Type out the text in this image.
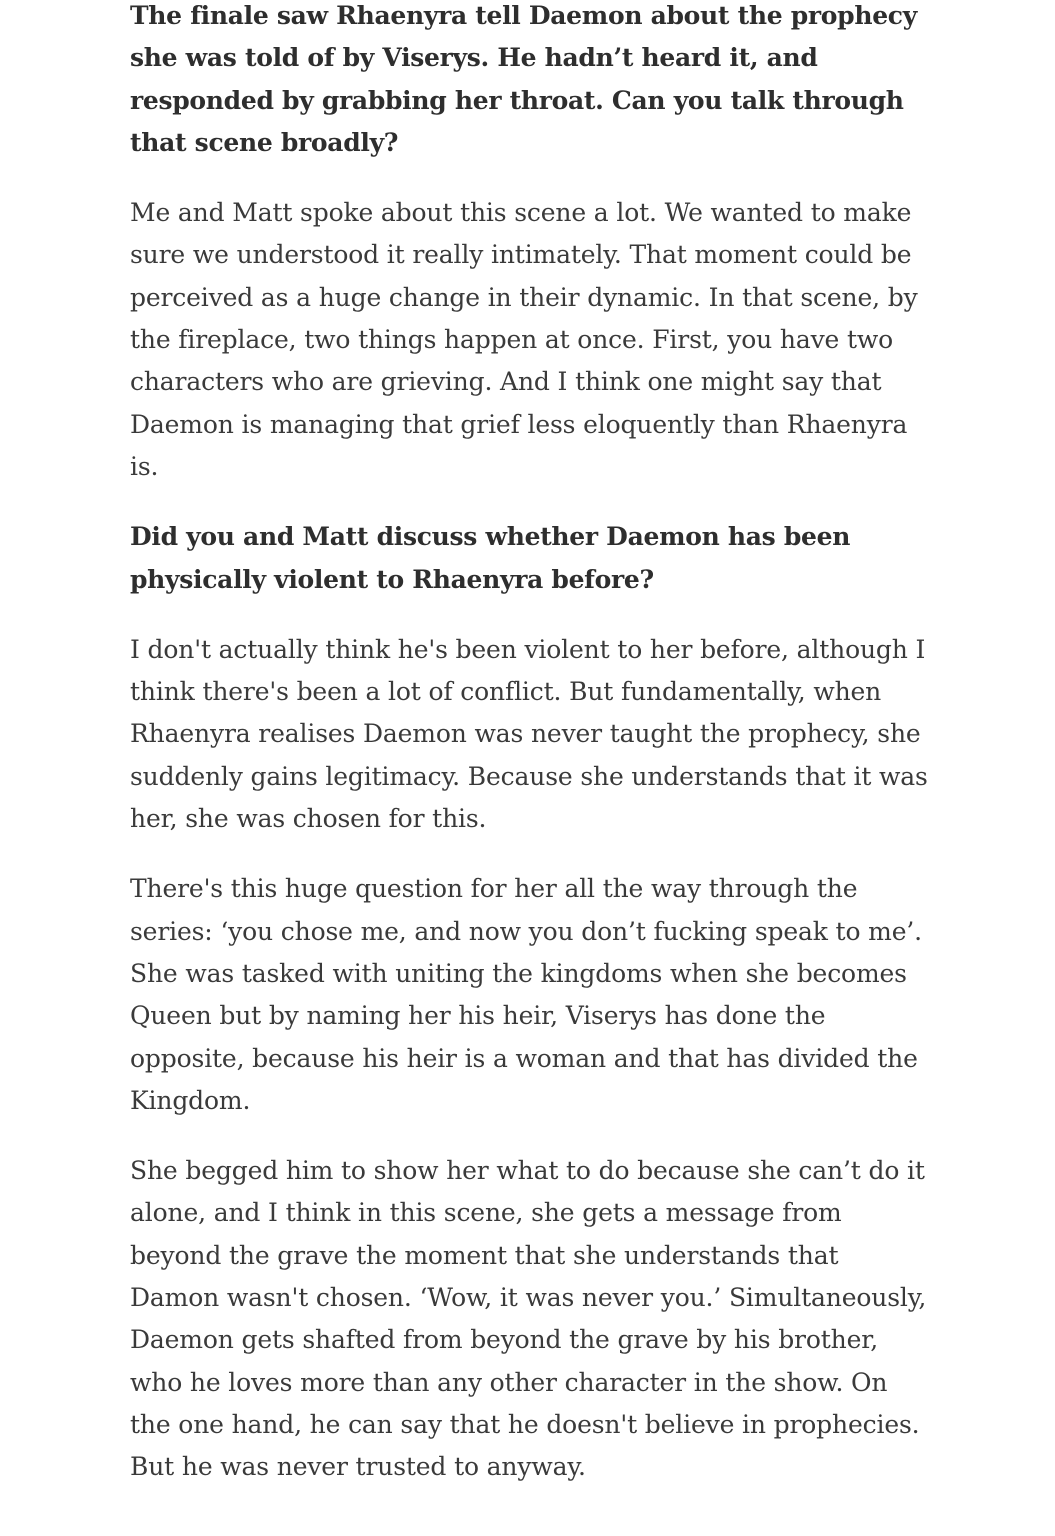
The finale saw Rhaenyra tell Daemon about the prophecy she was told of by Viserys. He hadn’t heard it, and responded by grabbing her throat. Can you talk through that scene broadly?

Me and Matt spoke about this scene a lot. We wanted to make sure we understood it really intimately. That moment could be perceived as a huge change in their dynamic. In that scene, by the fireplace, two things happen at once. First, you have two characters who are grieving. And I think one might say that Daemon is managing that grief less eloquently than Rhaenyra is.

Did you and Matt discuss whether Daemon has been physically violent to Rhaenyra before?

I don't actually think he's been violent to her before, although I think there's been a lot of conflict. But fundamentally, when Rhaenyra realises Daemon was never taught the prophecy, she suddenly gains legitimacy. Because she understands that it was her, she was chosen for this.

There's this huge question for her all the way through the series: ‘you chose me, and now you don’t fucking speak to me’. She was tasked with uniting the kingdoms when she becomes Queen but by naming her his heir, Viserys has done the opposite, because his heir is a woman and that has divided the Kingdom.

She begged him to show her what to do because she can’t do it alone, and I think in this scene, she gets a message from beyond the grave the moment that she understands that Damon wasn't chosen. ‘Wow, it was never you.’ Simultaneously, Daemon gets shafted from beyond the grave by his brother, who he loves more than any other character in the show. On the one hand, he can say that he doesn't believe in prophecies. But he was never trusted to anyway.
